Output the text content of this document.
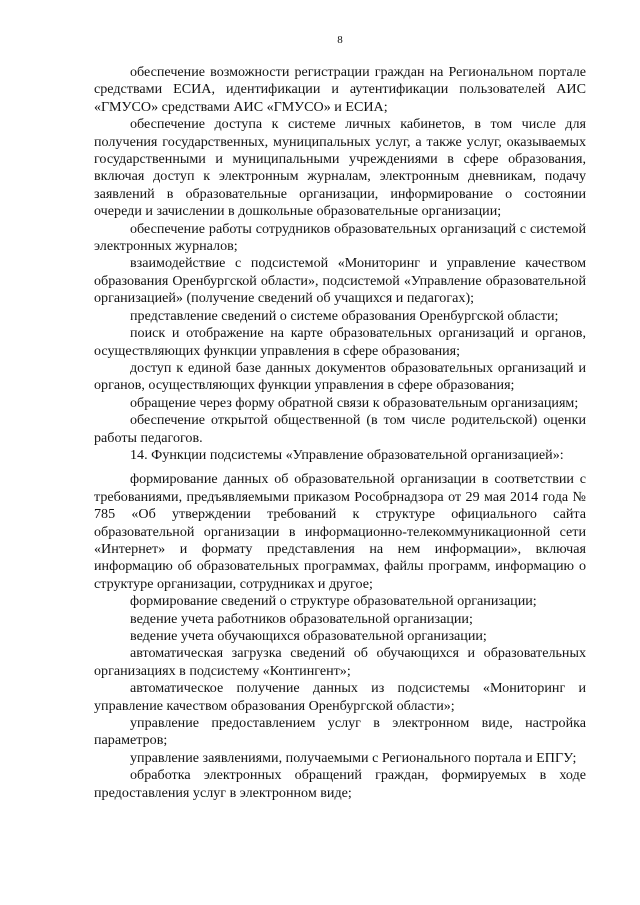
8

обеспечение возможности регистрации граждан на Региональном портале средствами ЕСИА, идентификации и аутентификации пользователей АИС «ГМУСО» средствами АИС «ГМУСО» и ЕСИА;

обеспечение доступа к системе личных кабинетов, в том числе для получения государственных, муниципальных услуг, а также услуг, оказываемых государственными и муниципальными учреждениями в сфере образования, включая доступ к электронным журналам, электронным дневникам, подачу заявлений в образовательные организации, информирование о состоянии очереди и зачислении в дошкольные образовательные организации;

обеспечение работы сотрудников образовательных организаций с системой электронных журналов;

взаимодействие с подсистемой «Мониторинг и управление качеством образования Оренбургской области», подсистемой «Управление образовательной организацией» (получение сведений об учащихся и педагогах);

представление сведений о системе образования Оренбургской области;

поиск и отображение на карте образовательных организаций и органов, осуществляющих функции управления в сфере образования;

доступ к единой базе данных документов образовательных организаций и органов, осуществляющих функции управления в сфере образования;

обращение через форму обратной связи к образовательным организациям;

обеспечение открытой общественной (в том числе родительской) оценки работы педагогов.

14. Функции подсистемы «Управление образовательной организацией»:

формирование данных об образовательной организации в соответствии с требованиями, предъявляемыми приказом Рособрнадзора от 29 мая 2014 года № 785 «Об утверждении требований к структуре официального сайта образовательной организации в информационно-телекоммуникационной сети «Интернет» и формату представления на нем информации», включая информацию об образовательных программах, файлы программ, информацию о структуре организации, сотрудниках и другое;

формирование сведений о структуре образовательной организации;

ведение учета работников образовательной организации;

ведение учета обучающихся образовательной организации;

автоматическая загрузка сведений об обучающихся и образовательных организациях в подсистему «Контингент»;

автоматическое получение данных из подсистемы «Мониторинг и управление качеством образования Оренбургской области»;

управление предоставлением услуг в электронном виде, настройка параметров;

управление заявлениями, получаемыми с Регионального портала и ЕПГУ;

обработка электронных обращений граждан, формируемых в ходе предоставления услуг в электронном виде;
